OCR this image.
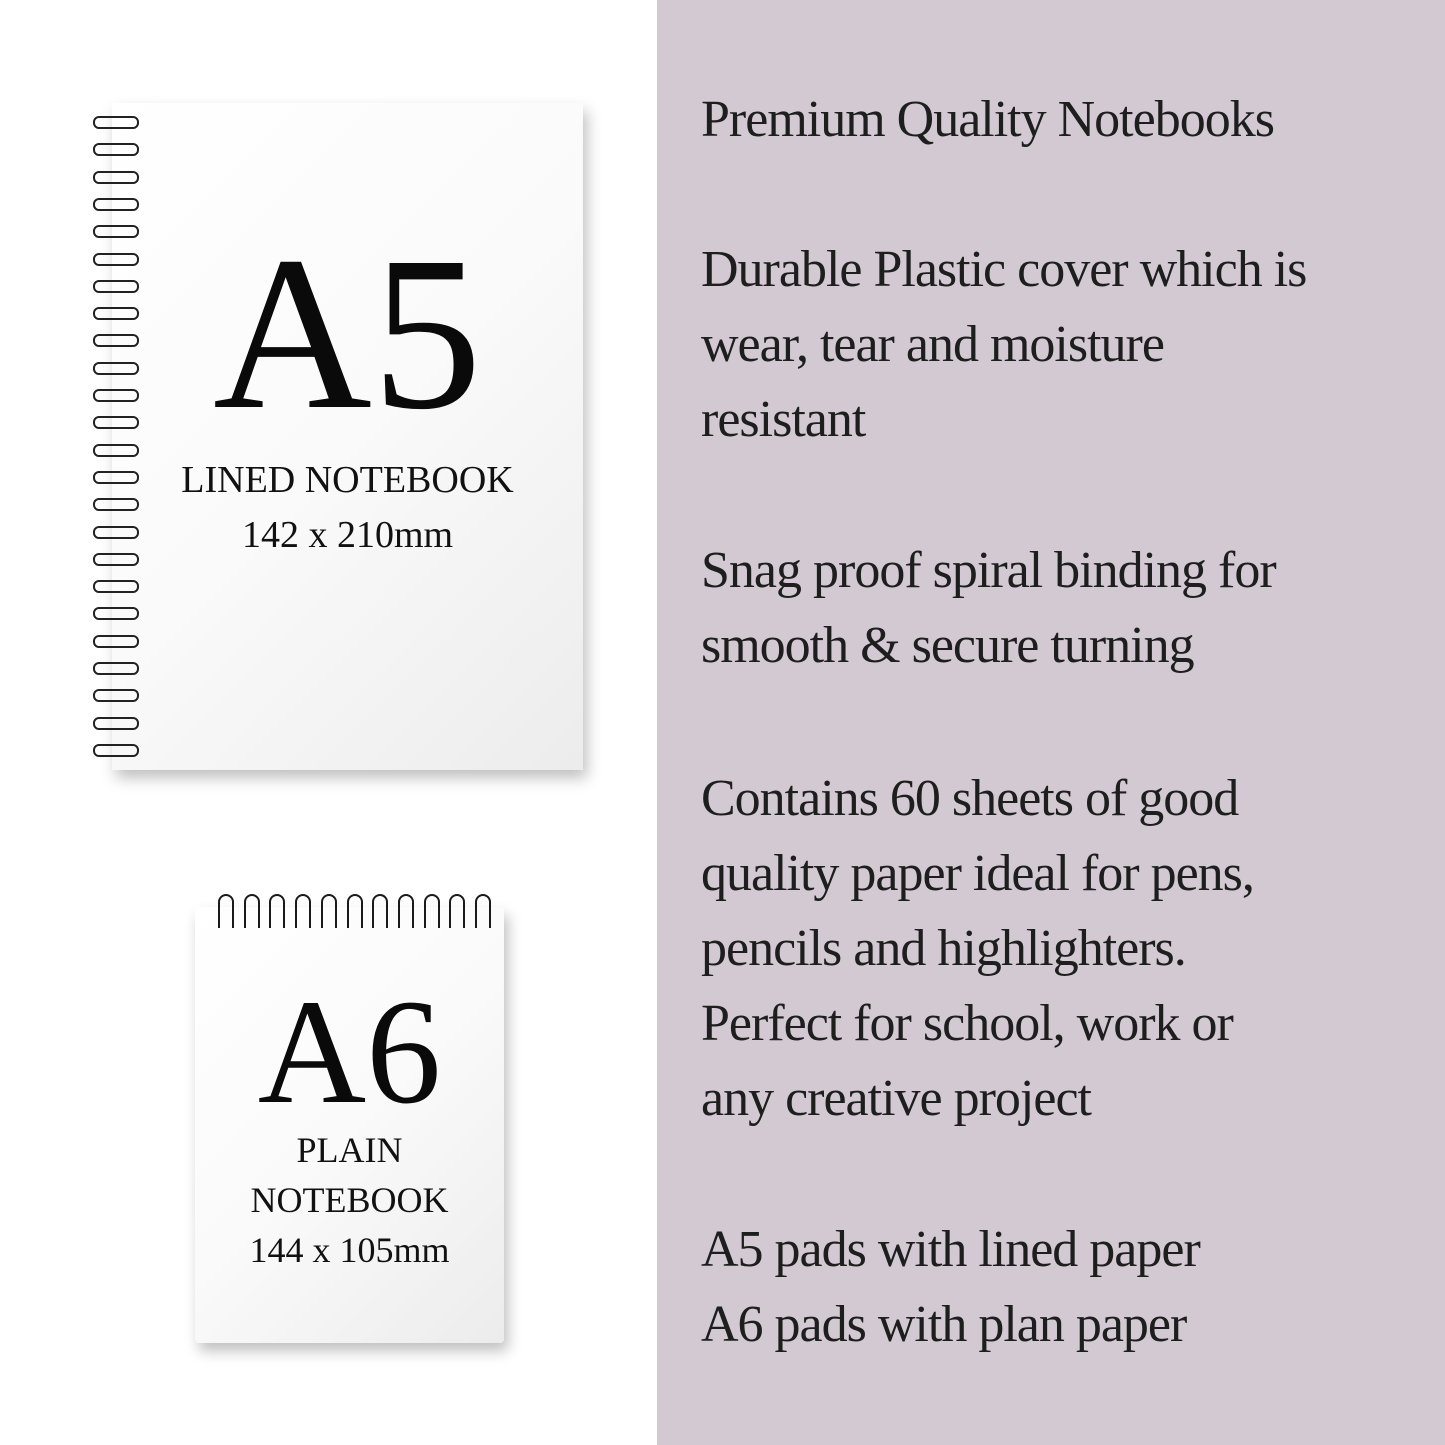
A5
LINED NOTEBOOK
142 x 210mm
A6
PLAIN
NOTEBOOK
144 x 105mm
Premium Quality Notebooks
Durable Plastic cover which is
wear, tear and moisture
resistant
Snag proof spiral binding for
smooth & secure turning
Contains 60 sheets of good
quality paper ideal for pens,
pencils and highlighters.
Perfect for school, work or
any creative project
A5 pads with lined paper
A6 pads with plan paper
